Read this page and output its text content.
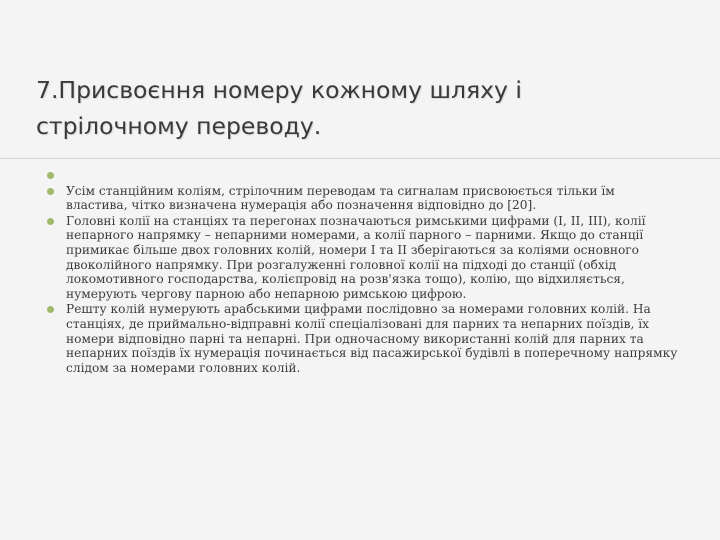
7.Присвоєння номеру кожному шляху і стрілочному переводу.
Усім станційним коліям, стрілочним переводам та сигналам присвоюється тільки їм властива, чітко визначена нумерація або позначення відповідно до [20].
Головні колії на станціях та перегонах позначаються римськими цифрами (I, II, III), колії непарного напрямку – непарними номерами, а колії парного – парними. Якщо до станції примикає більше двох головних колій, номери I та II зберігаються за коліями основного двоколійного напрямку. При розгалуженні головної колії на підході до станції (обхід локомотивного господарства, колієпровід на розв'язка тощо), колію, що відхиляється, нумерують чергову парною або непарною римською цифрою.
Решту колій нумерують арабськими цифрами послідовно за номерами головних колій. На станціях, де приймально-відправні колії спеціалізовані для парних та непарних поїздів, їх номери відповідно парні та непарні. При одночасному використанні колій для парних та непарних поїздів їх нумерація починається від пасажирської будівлі в поперечному напрямку слідом за номерами головних колій.
